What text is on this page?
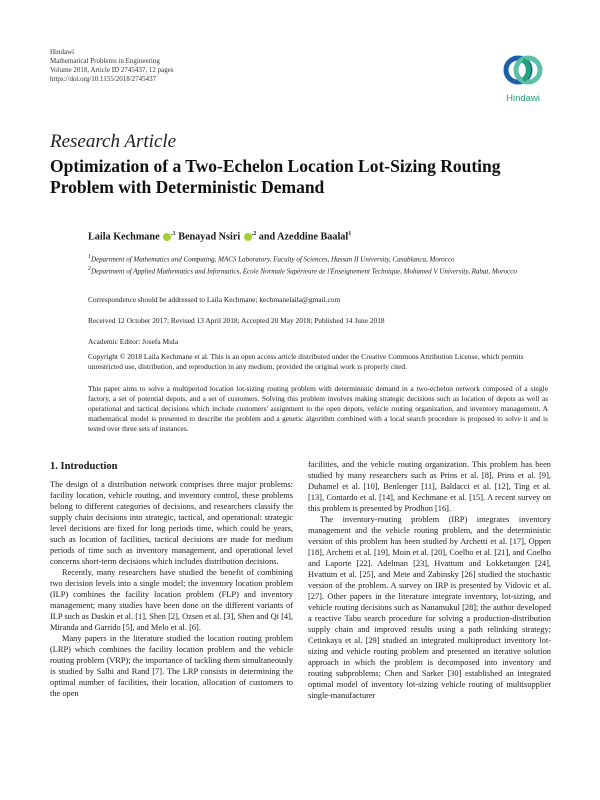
Hindawi
Mathematical Problems in Engineering
Volume 2018, Article ID 2745437, 12 pages
https://doi.org/10.1155/2018/2745437
Hindawi
Research Article
Optimization of a Two-Echelon Location Lot-Sizing Routing Problem with Deterministic Demand
Laila Kechmane $^{,1}$ Benayad Nsiri $^{,2}$ and Azeddine Baalal$^1$
$^1$Department of Mathematics and Computing, MACS Laboratory, Faculty of Sciences, Hassan II University, Casablanca, Morocco
$^2$Department of Applied Mathematics and Informatics, Ecole Normale Supérieure de l'Enseignement Technique, Mohamed V University, Rabat, Morocco
Correspondence should be addressed to Laila Kechmane; kechmanelaila@gmail.com
Received 12 October 2017; Revised 13 April 2018; Accepted 20 May 2018; Published 14 June 2018
Academic Editor: Josefa Mula
Copyright © 2018 Laila Kechmane et al. This is an open access article distributed under the Creative Commons Attribution License, which permits unrestricted use, distribution, and reproduction in any medium, provided the original work is properly cited.
This paper aims to solve a multiperiod location lot-sizing routing problem with deterministic demand in a two-echelon network composed of a single factory, a set of potential depots, and a set of customers. Solving this problem involves making strategic decisions such as location of depots as well as operational and tactical decisions which include customers' assignment to the open depots, vehicle routing organization, and inventory management. A mathematical model is presented to describe the problem and a genetic algorithm combined with a local search procedure is proposed to solve it and is tested over three sets of instances.
1. Introduction

The design of a distribution network comprises three major problems: facility location, vehicle routing, and inventory control, these problems belong to different categories of decisions, and researchers classify the supply chain decisions into strategic, tactical, and operational: strategic level decisions are fixed for long periods time, which could be years, such as location of facilities, tactical decisions are made for medium periods of time such as inventory management, and operational level concerns short-term decisions which includes distribution decisions.

Recently, many researchers have studied the benefit of combining two decision levels into a single model; the inventory location problem (ILP) combines the facility location problem (FLP) and inventory management; many studies have been done on the different variants of ILP such as Daskin et al. [1], Shen [2], Ozsen et al. [3], Shen and Qi [4], Miranda and Garrido [5], and Melo et al. [6].

Many papers in the literature studied the location routing problem (LRP) which combines the facility location problem and the vehicle routing problem (VRP); the importance of tackling them simultaneously is studied by Salhi and Rand [7]. The LRP consists in determining the optimal number of facilities, their location, allocation of customers to the open

facilities, and the vehicle routing organization. This problem has been studied by many researchers such as Prins et al. [8], Prins et al. [9], Duhamel et al. [10], Benlenger [11], Baldacci et al. [12], Ting et al. [13], Contardo et al. [14], and Kechmane et al. [15]. A recent survey on this problem is presented by Prodhon [16].

The inventory-routing problem (IRP) integrates inventory management and the vehicle routing problem, and the deterministic version of this problem has been studied by Archetti et al. [17], Oppen [18], Archetti et al. [19], Moin et al. [20], Coelho et al. [21], and Coelho and Laporte [22]. Adelman [23], Hvattum and Lokketangen [24], Hvattum et al. [25], and Mete and Zabinsky [26] studied the stochastic version of the problem. A survey on IRP is presented by Vidovic et al. [27]. Other papers in the literature integrate inventory, lot-sizing, and vehicle routing decisions such as Nanamukul [28]; the author developed a reactive Tabu search procedure for solving a production-distribution supply chain and improved results using a path relinking strategy; Cetinkaya et al. [29] studied an integrated multiproduct inventory lot-sizing and vehicle routing problem and presented an iterative solution approach in which the problem is decomposed into inventory and routing subproblems; Chen and Sarker [30] established an integrated optimal model of inventory lot-sizing vehicle routing of multisupplier single-manufacturer
